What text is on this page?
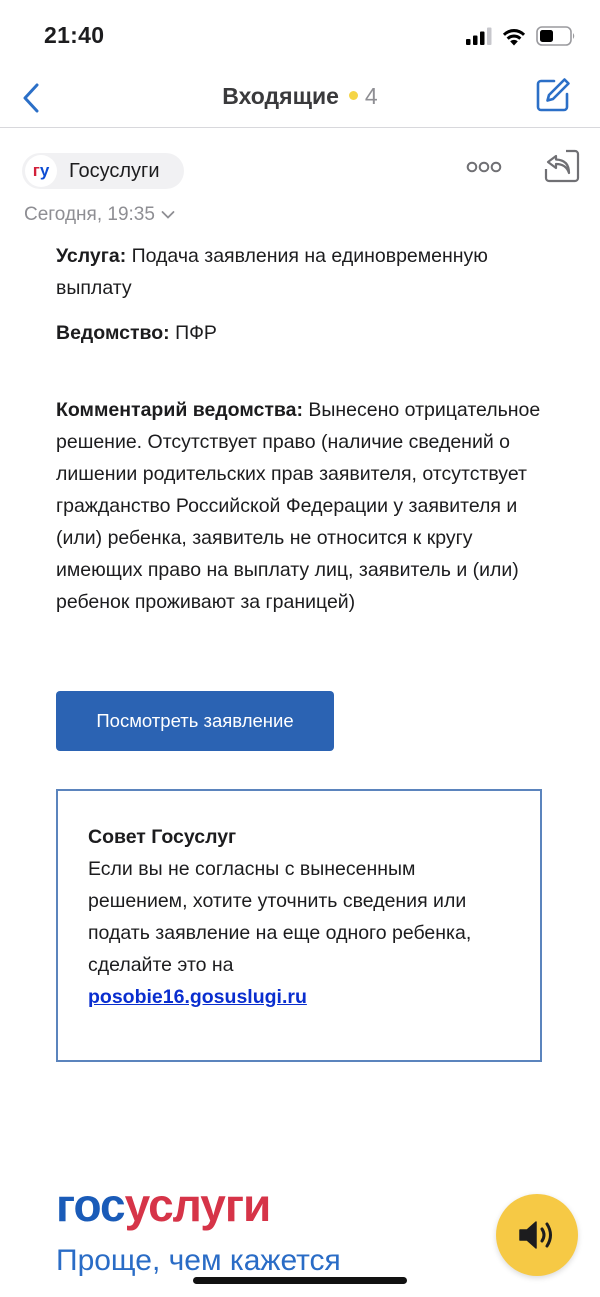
21:40
Входящие 4
г у Госуслуги
Сегодня, 19:35

Услуга: Подача заявления на единовременную выплату

Ведомство: ПФР

Комментарий ведомства: Вынесено отрицательное решение. Отсутствует право (наличие сведений о лишении родительских прав заявителя, отсутствует гражданство Российской Федерации у заявителя и (или) ребенка, заявитель не относится к кругу имеющих право на выплату лиц, заявитель и (или) ребенок проживают за границей)

Посмотреть заявление
Совет Госуслуг
Если вы не согласны с вынесенным решением, хотите уточнить сведения или подать заявление на еще одного ребенка, сделайте это на
posobie16.gosuslugi.ru
госуслуги
Проще, чем кажется
